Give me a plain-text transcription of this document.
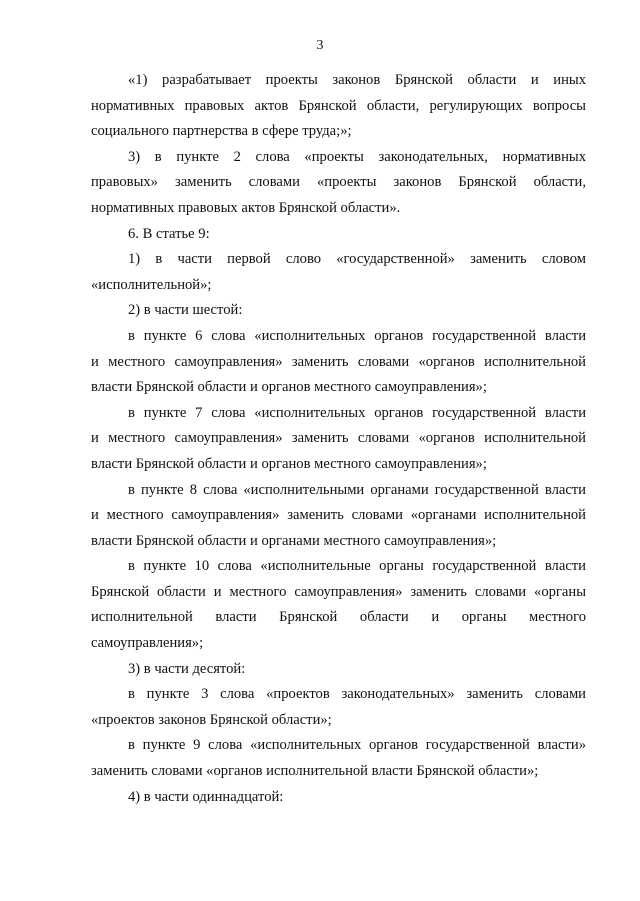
3
«1) разрабатывает проекты законов Брянской области и иных
нормативных правовых актов Брянской области, регулирующих вопросы
социального партнерства в сфере труда;»;
3) в пункте 2 слова «проекты законодательных, нормативных
правовых» заменить словами «проекты законов Брянской области,
нормативных правовых актов Брянской области».
6. В статье 9:
1) в части первой слово «государственной» заменить словом
«исполнительной»;
2) в части шестой:
в пункте 6 слова «исполнительных органов государственной власти
и местного самоуправления» заменить словами «органов исполнительной
власти Брянской области и органов местного самоуправления»;
в пункте 7 слова «исполнительных органов государственной власти
и местного самоуправления» заменить словами «органов исполнительной
власти Брянской области и органов местного самоуправления»;
в пункте 8 слова «исполнительными органами государственной власти
и местного самоуправления» заменить словами «органами исполнительной
власти Брянской области и органами местного самоуправления»;
в пункте 10 слова «исполнительные органы государственной власти
Брянской области и местного самоуправления» заменить словами «органы
исполнительной власти Брянской области и органы местного
самоуправления»;
3) в части десятой:
в пункте 3 слова «проектов законодательных» заменить словами
«проектов законов Брянской области»;
в пункте 9 слова «исполнительных органов государственной власти»
заменить словами «органов исполнительной власти Брянской области»;
4) в части одиннадцатой:
